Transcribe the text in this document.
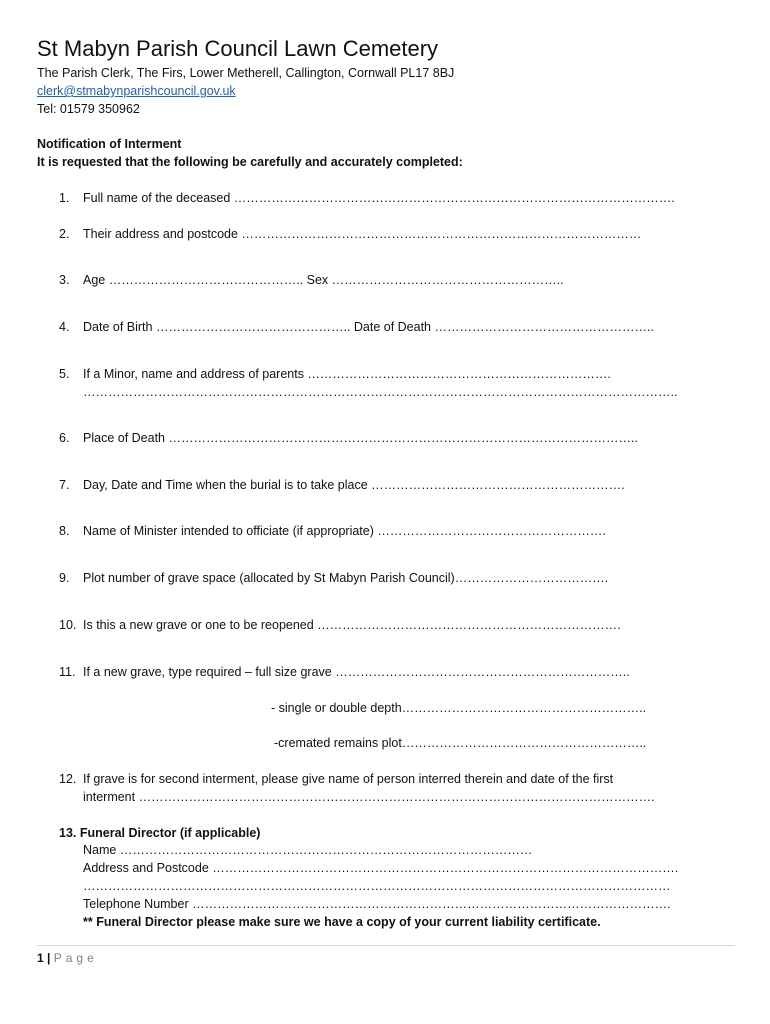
St Mabyn Parish Council Lawn Cemetery
The Parish Clerk, The Firs, Lower Metherell, Callington, Cornwall PL17 8BJ
clerk@stmabynparishcouncil.gov.uk
Tel: 01579 350962
Notification of Interment
It is requested that the following be carefully and accurately completed:
1. Full name of the deceased …………………………………………………………………………………………….
2. Their address and postcode ……………………………………………………………………………………
3. Age ……………………………………….. Sex ………………………………………………..
4. Date of Birth ……………………………………….. Date of Death ……………………………………………..
5. If a Minor, name and address of parents ……………………………………………………………….
……………………………………………………………………………………………………………………………..
6. Place of Death …………………………………………………………………………………………………..
7. Day, Date and Time when the burial is to take place …………………………………………………….
8. Name of Minister intended to officiate (if appropriate) ……………………………………………….
9. Plot number of grave space (allocated by St Mabyn Parish Council)……………………………….
10. Is this a new grave or one to be reopened ……………………………………………………………….
11. If a new grave, type required – full size grave ……………………………………………………………..
- single or double depth…………………………………………………..
-cremated remains plot…………………………………………………..
12. If grave is for second interment, please give name of person interred therein and date of the first
interment …………………………………………………………………………………………………………….
13. Funeral Director (if applicable)
Name ………………………………………………………………………………………
Address and Postcode ………………………………………………………………………………………………….
……………………………………………………………………………………………………………………………
Telephone Number …………………………………………………………………………………………………….
** Funeral Director please make sure we have a copy of your current liability certificate.
1 | Page
